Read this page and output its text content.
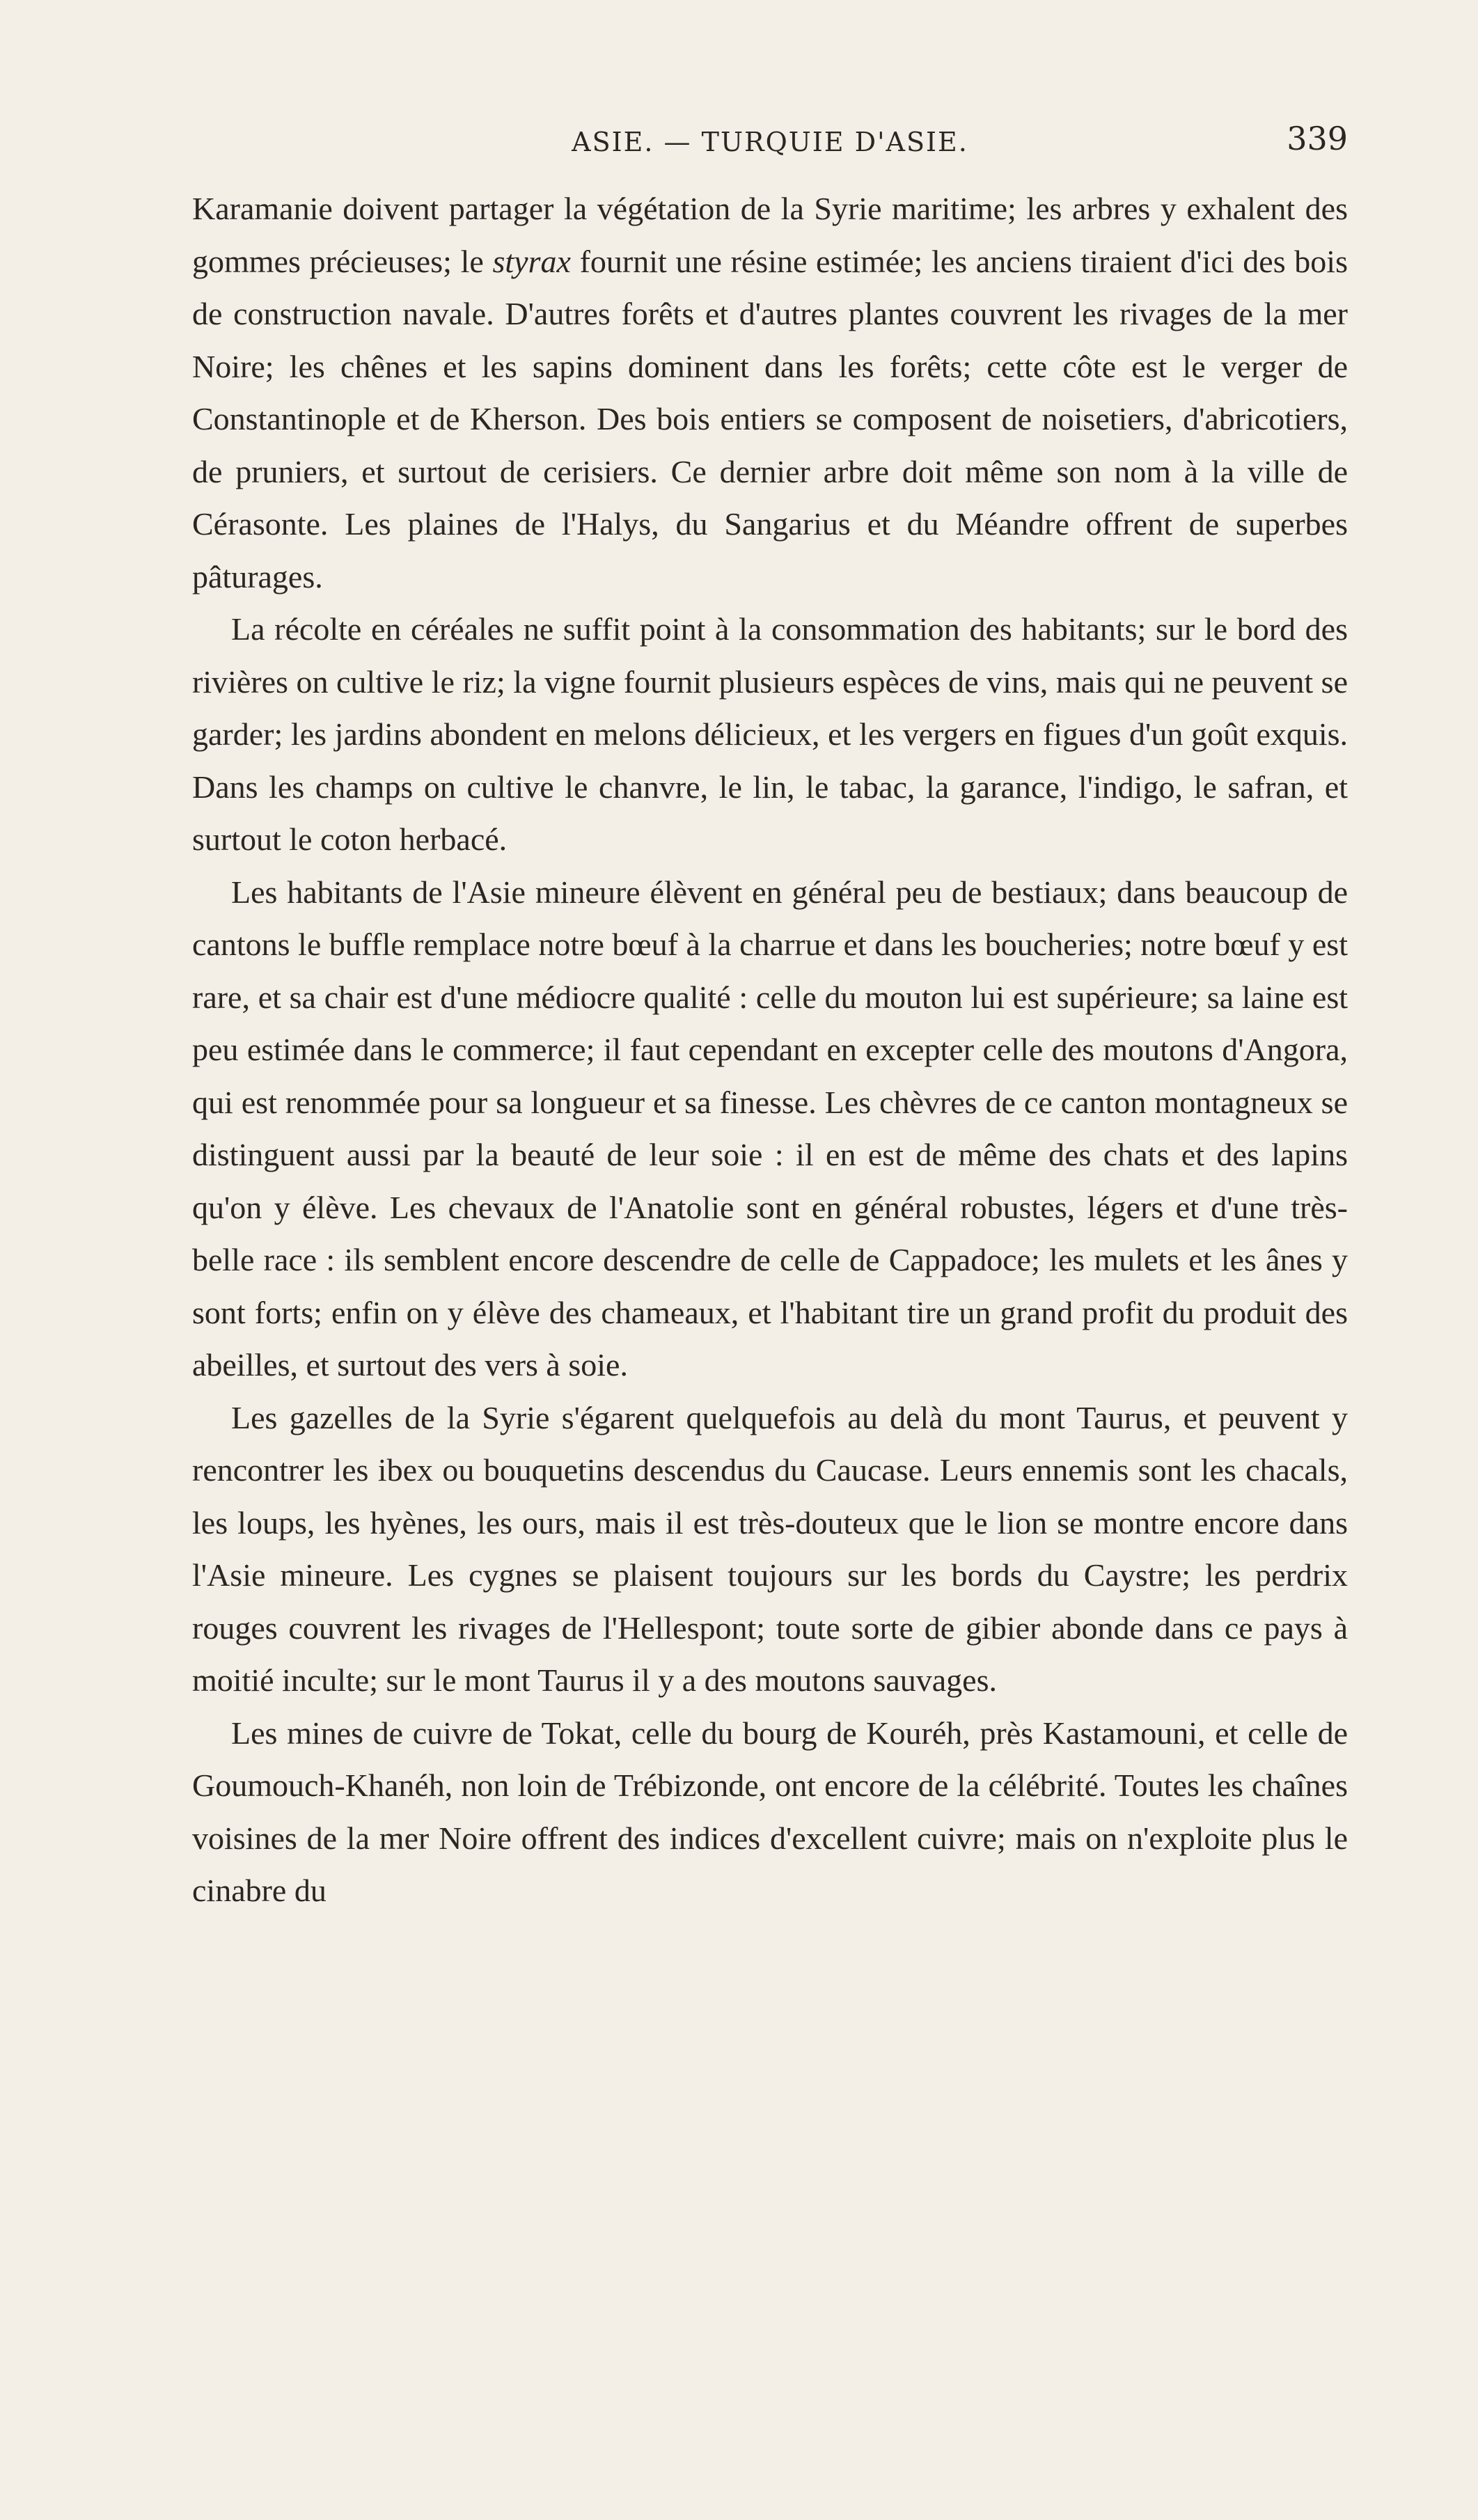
ASIE. — TURQUIE D'ASIE.	339

Karamanie doivent partager la végétation de la Syrie maritime; les arbres y exhalent des gommes précieuses; le styrax fournit une résine estimée; les anciens tiraient d'ici des bois de construction navale. D'autres forêts et d'autres plantes couvrent les rivages de la mer Noire; les chênes et les sapins dominent dans les forêts; cette côte est le verger de Constantinople et de Kherson. Des bois entiers se composent de noisetiers, d'abricotiers, de pruniers, et surtout de cerisiers. Ce dernier arbre doit même son nom à la ville de Cérasonte. Les plaines de l'Halys, du Sangarius et du Méandre offrent de superbes pâturages.

La récolte en céréales ne suffit point à la consommation des habitants; sur le bord des rivières on cultive le riz; la vigne fournit plusieurs espèces de vins, mais qui ne peuvent se garder; les jardins abondent en melons délicieux, et les vergers en figues d'un goût exquis. Dans les champs on cultive le chanvre, le lin, le tabac, la garance, l'indigo, le safran, et surtout le coton herbacé.

Les habitants de l'Asie mineure élèvent en général peu de bestiaux; dans beaucoup de cantons le buffle remplace notre bœuf à la charrue et dans les boucheries; notre bœuf y est rare, et sa chair est d'une médiocre qualité : celle du mouton lui est supérieure; sa laine est peu estimée dans le commerce; il faut cependant en excepter celle des moutons d'Angora, qui est renommée pour sa longueur et sa finesse. Les chèvres de ce canton montagneux se distinguent aussi par la beauté de leur soie : il en est de même des chats et des lapins qu'on y élève. Les chevaux de l'Anatolie sont en général robustes, légers et d'une très-belle race : ils semblent encore descendre de celle de Cappadoce; les mulets et les ânes y sont forts; enfin on y élève des chameaux, et l'habitant tire un grand profit du produit des abeilles, et surtout des vers à soie.

Les gazelles de la Syrie s'égarent quelquefois au delà du mont Taurus, et peuvent y rencontrer les ibex ou bouquetins descendus du Caucase. Leurs ennemis sont les chacals, les loups, les hyènes, les ours, mais il est très-douteux que le lion se montre encore dans l'Asie mineure. Les cygnes se plaisent toujours sur les bords du Caystre; les perdrix rouges couvrent les rivages de l'Hellespont; toute sorte de gibier abonde dans ce pays à moitié inculte; sur le mont Taurus il y a des moutons sauvages.

Les mines de cuivre de Tokat, celle du bourg de Kouréh, près Kastamouni, et celle de Goumouch-Khanéh, non loin de Trébizonde, ont encore de la célébrité. Toutes les chaînes voisines de la mer Noire offrent des indices d'excellent cuivre; mais on n'exploite plus le cinabre du
